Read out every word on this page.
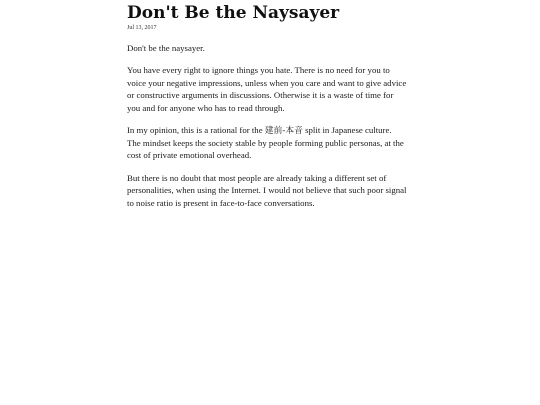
Don't Be the Naysayer
Jul 13, 2017

Don't be the naysayer.

You have every right to ignore things you hate. There is no need for you to voice your negative impressions, unless when you care and want to give advice or constructive arguments in discussions. Otherwise it is a waste of time for you and for anyone who has to read through.

In my opinion, this is a rational for the 建前-本音 split in Japanese culture. The mindset keeps the society stable by people forming public personas, at the cost of private emotional overhead.

But there is no doubt that most people are already taking a different set of personalities, when using the Internet. I would not believe that such poor signal to noise ratio is present in face-to-face conversations.
